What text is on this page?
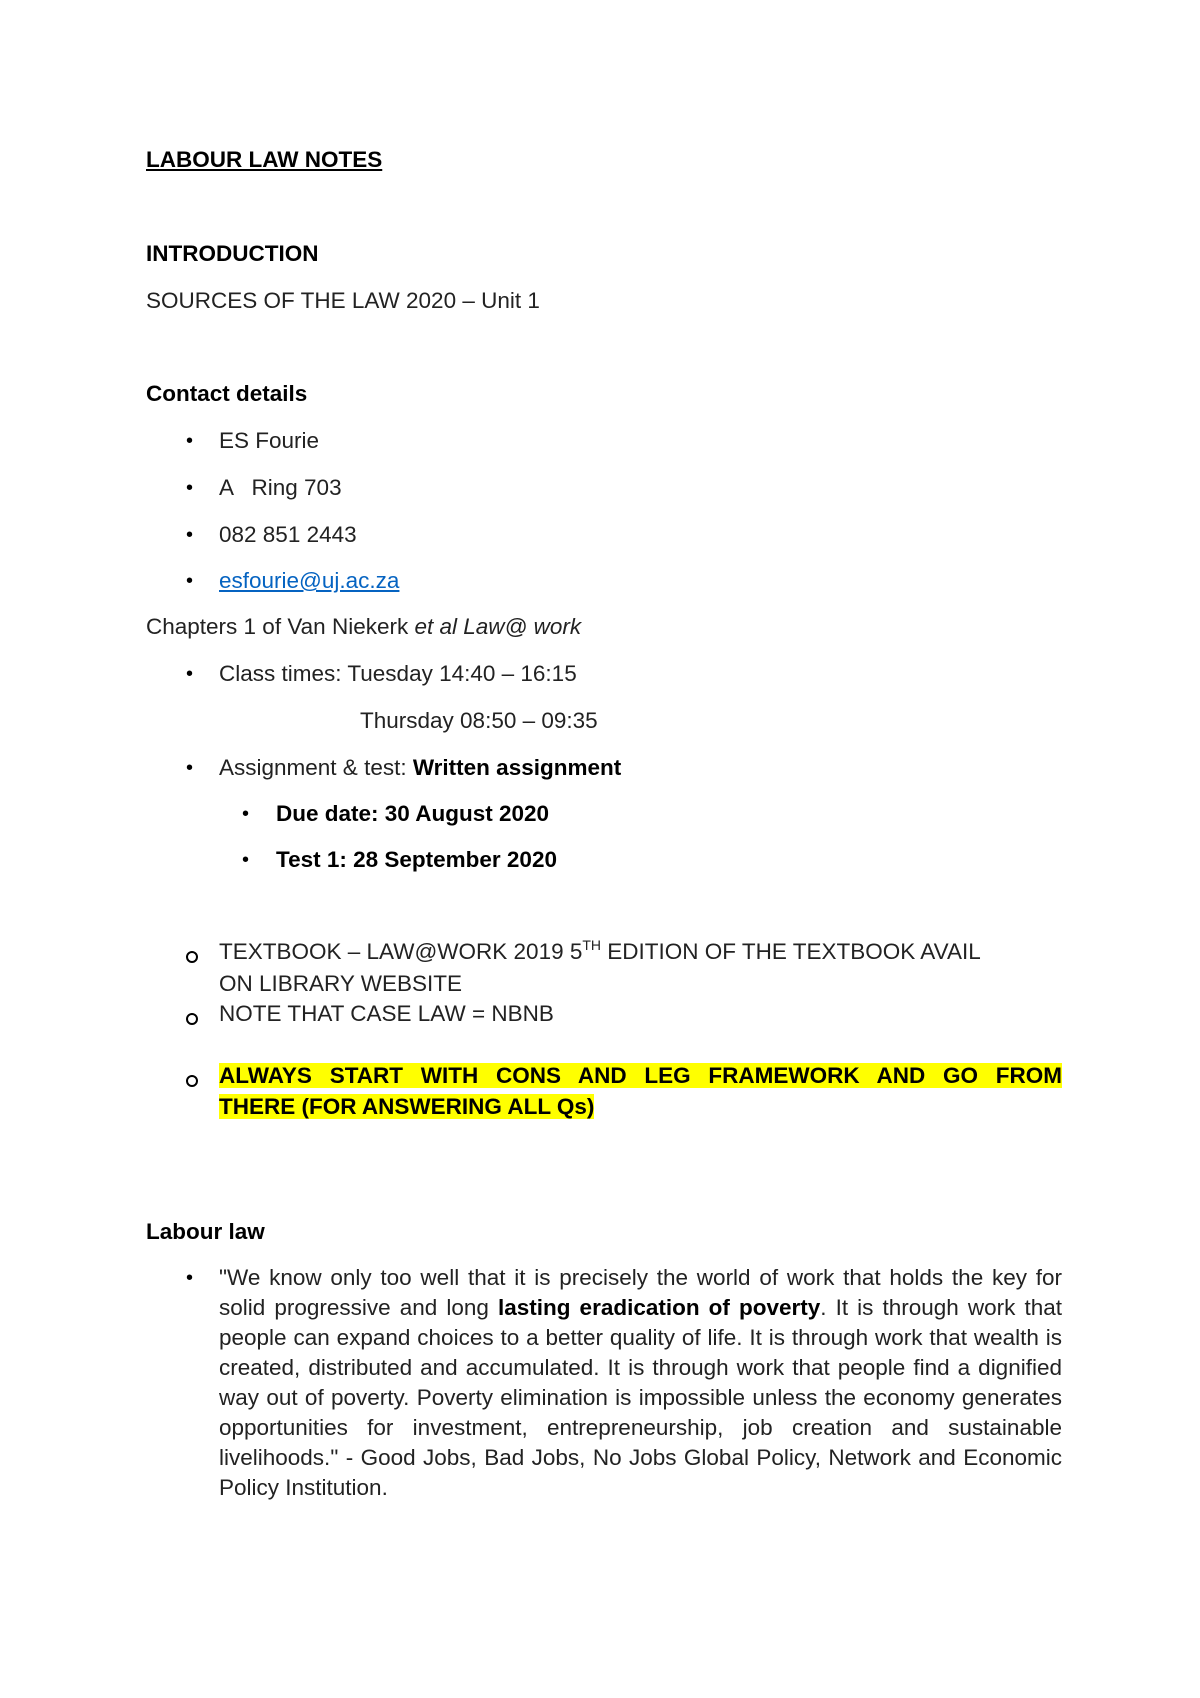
LABOUR LAW NOTES
INTRODUCTION
SOURCES OF THE LAW 2020 – Unit 1
Contact details
• ES Fourie
• A   Ring 703
• 082 851 2443
• esfourie@uj.ac.za
Chapters 1 of Van Niekerk et al Law@ work
• Class times: Tuesday 14:40 – 16:15
Thursday 08:50 – 09:35
• Assignment & test: Written assignment
• Due date: 30 August 2020
• Test 1: 28 September 2020
TEXTBOOK – LAW@WORK 2019 5TH EDITION OF THE TEXTBOOK AVAIL
ON LIBRARY WEBSITE
NOTE THAT CASE LAW = NBNB
ALWAYS START WITH CONS AND LEG FRAMEWORK AND GO FROM
THERE (FOR ANSWERING ALL Qs)
Labour law
• "We know only too well that it is precisely the world of work that holds the key for solid progressive and long lasting eradication of poverty. It is through work that people can expand choices to a better quality of life. It is through work that wealth is created, distributed and accumulated. It is through work that people find a dignified way out of poverty. Poverty elimination is impossible unless the economy generates opportunities for investment, entrepreneurship, job creation and sustainable livelihoods." - Good Jobs, Bad Jobs, No Jobs Global Policy, Network and Economic Policy Institution.
